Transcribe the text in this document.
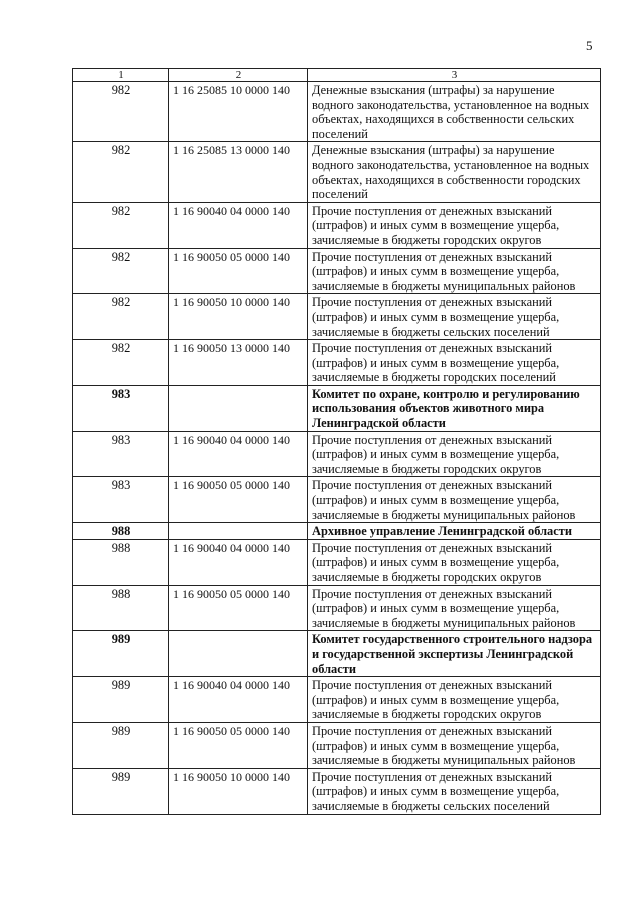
5
1	2	3
982	1 16 25085 10 0000 140	Денежные взыскания (штрафы) за нарушение водного законодательства, установленное на водных объектах, находящихся в собственности сельских поселений
982	1 16 25085 13 0000 140	Денежные взыскания (штрафы) за нарушение водного законодательства, установленное на водных объектах, находящихся в собственности городских поселений
982	1 16 90040 04 0000 140	Прочие поступления от денежных взысканий (штрафов) и иных сумм в возмещение ущерба, зачисляемые в бюджеты городских округов
982	1 16 90050 05 0000 140	Прочие поступления от денежных взысканий (штрафов) и иных сумм в возмещение ущерба, зачисляемые в бюджеты муниципальных районов
982	1 16 90050 10 0000 140	Прочие поступления от денежных взысканий (штрафов) и иных сумм в возмещение ущерба, зачисляемые в бюджеты сельских поселений
982	1 16 90050 13 0000 140	Прочие поступления от денежных взысканий (штрафов) и иных сумм в возмещение ущерба, зачисляемые в бюджеты городских поселений
983		Комитет по охране, контролю и регулированию использования объектов животного мира Ленинградской области
983	1 16 90040 04 0000 140	Прочие поступления от денежных взысканий (штрафов) и иных сумм в возмещение ущерба, зачисляемые в бюджеты городских округов
983	1 16 90050 05 0000 140	Прочие поступления от денежных взысканий (штрафов) и иных сумм в возмещение ущерба, зачисляемые в бюджеты муниципальных районов
988		Архивное управление Ленинградской области
988	1 16 90040 04 0000 140	Прочие поступления от денежных взысканий (штрафов) и иных сумм в возмещение ущерба, зачисляемые в бюджеты городских округов
988	1 16 90050 05 0000 140	Прочие поступления от денежных взысканий (штрафов) и иных сумм в возмещение ущерба, зачисляемые в бюджеты муниципальных районов
989		Комитет государственного строительного надзора и государственной экспертизы Ленинградской области
989	1 16 90040 04 0000 140	Прочие поступления от денежных взысканий (штрафов) и иных сумм в возмещение ущерба, зачисляемые в бюджеты городских округов
989	1 16 90050 05 0000 140	Прочие поступления от денежных взысканий (штрафов) и иных сумм в возмещение ущерба, зачисляемые в бюджеты муниципальных районов
989	1 16 90050 10 0000 140	Прочие поступления от денежных взысканий (штрафов) и иных сумм в возмещение ущерба, зачисляемые в бюджеты сельских поселений
